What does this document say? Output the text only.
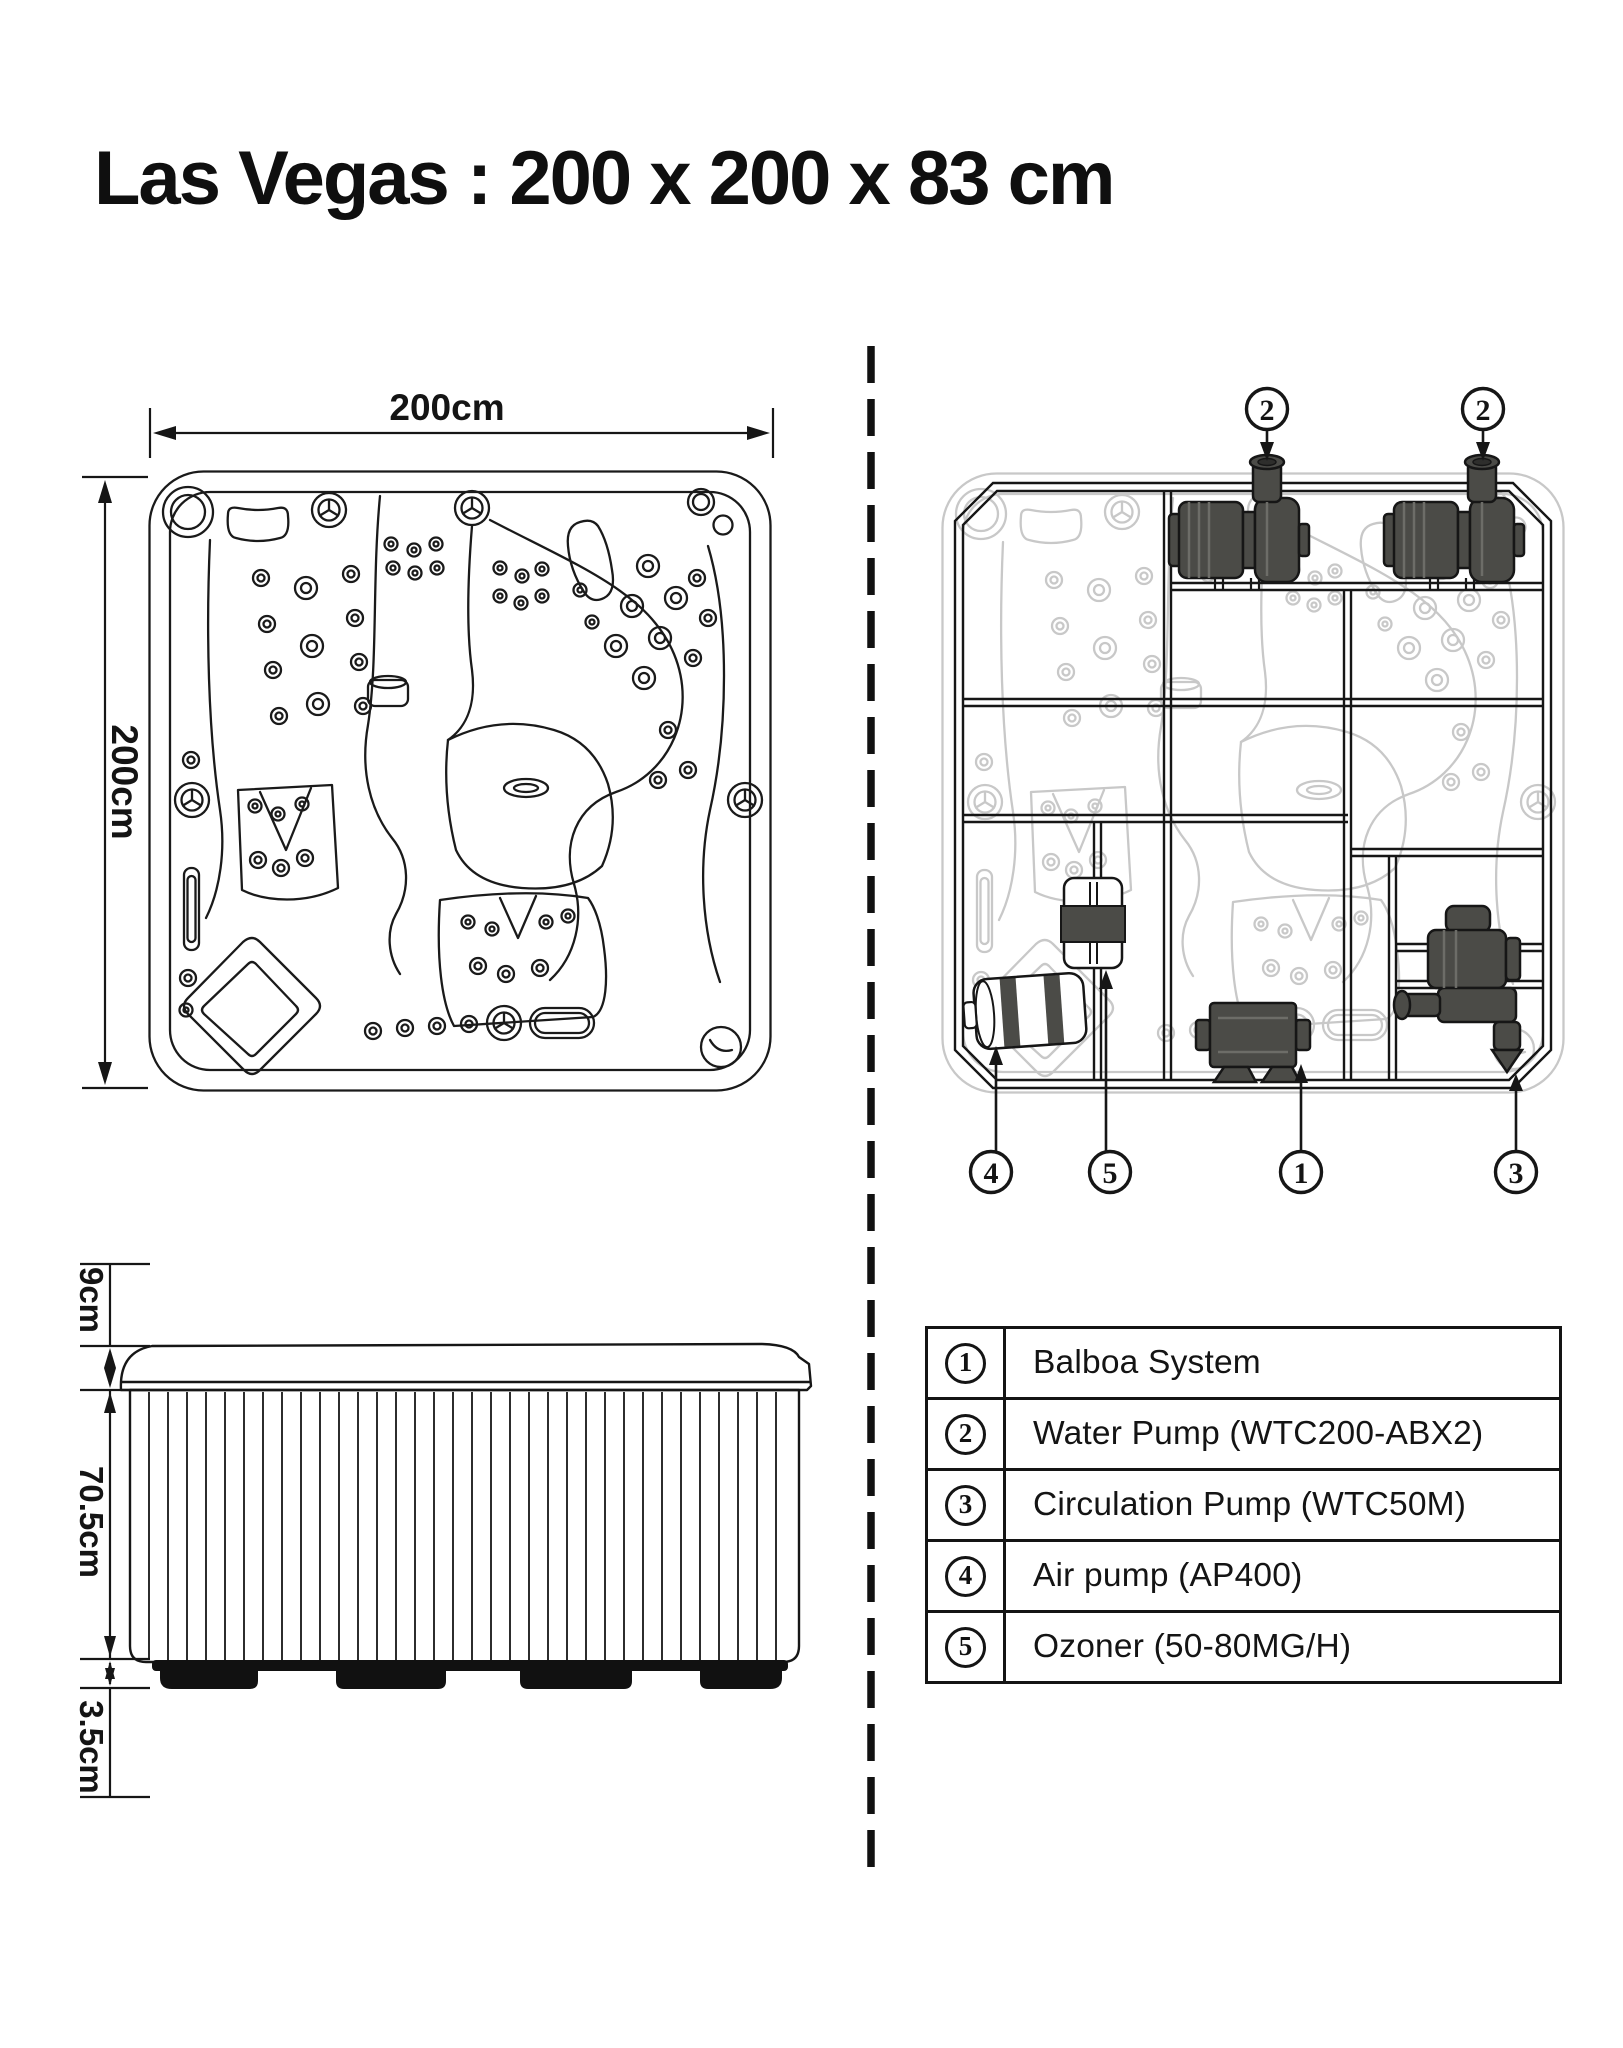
Las Vegas : 200 x 200 x 83 cm
200cm
200cm
9cm
70.5cm
3.5cm
2	2
4	5	1	3
1	Balboa System
2	Water Pump (WTC200-ABX2)
3	Circulation Pump (WTC50M)
4	Air pump (AP400)
5	Ozoner (50-80MG/H)
